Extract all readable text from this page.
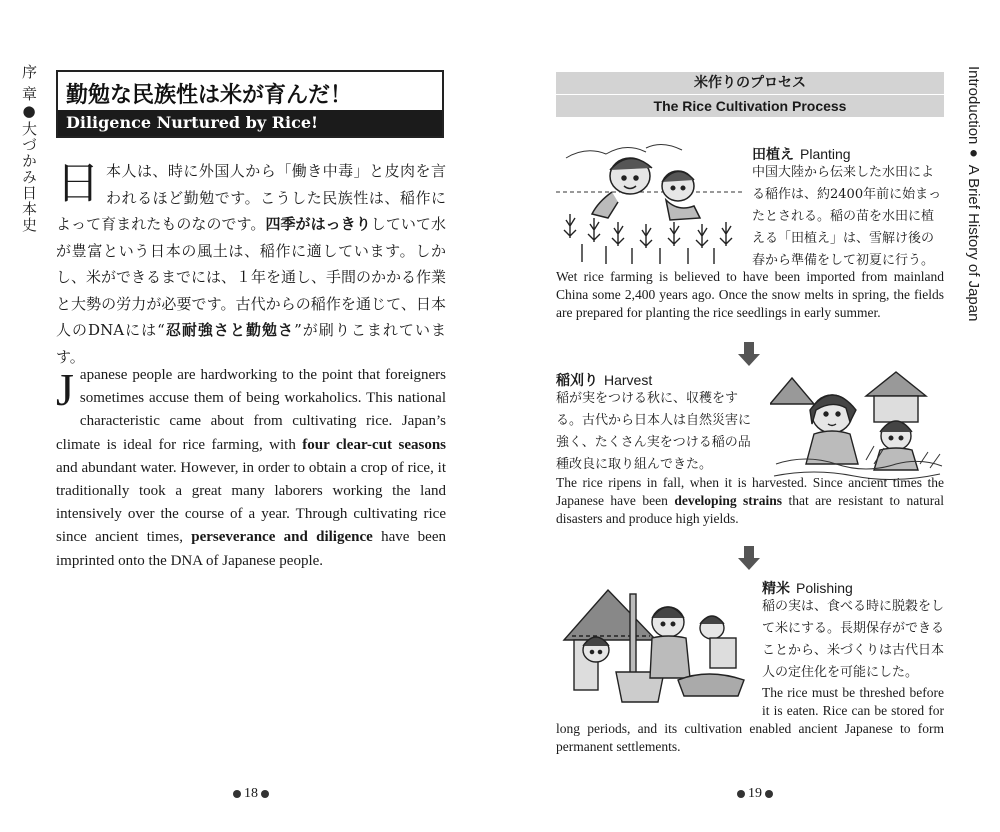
序 章●大づかみ日本史	Introduction● A Brief History of Japan
勤勉な民族性は米が育んだ！
Diligence Nurtured by Rice!
日本人は、時に外国人から「働き中毒」と皮肉を言われるほど勤勉です。こうした民族性は、稲作によって育まれたものなのです。四季がはっきりしていて水が豊富という日本の風土は、稲作に適しています。しかし、米ができるまでには、１年を通し、手間のかかる作業と大勢の労力が必要です。古代からの稲作を通じて、日本人のDNAには“忍耐強さと勤勉さ”が刷りこまれています。
Japanese people are hardworking to the point that foreigners sometimes accuse them of being workaholics. This national characteristic came about from cultivating rice. Japan’s climate is ideal for rice farming, with four clear-cut seasons and abundant water. However, in order to obtain a crop of rice, it traditionally took a great many laborers working the land intensively over the course of a year. Through cultivating rice since ancient times, perseverance and diligence have been imprinted onto the DNA of Japanese people.
18
米作りのプロセス
The Rice Cultivation Process
田植え Planting
中国大陸から伝来した水田による稲作は、約2400年前に始まったとされる。稲の苗を水田に植える「田植え」は、雪解け後の春から準備をして初夏に行う。
Wet rice farming is believed to have been imported from mainland China some 2,400 years ago. Once the snow melts in spring, the fields are prepared for planting the rice seedlings in early summer.
稲刈り Harvest
稲が実をつける秋に、収穫をする。古代から日本人は自然災害に強く、たくさん実をつける稲の品種改良に取り組んできた。
The rice ripens in fall, when it is harvested. Since ancient times the Japanese have been developing strains that are resistant to natural disasters and produce high yields.
精米 Polishing
稲の実は、食べる時に脱穀をして米にする。長期保存ができることから、米づくりは古代日本人の定住化を可能にした。
The rice must be threshed before it is eaten. Rice can be stored for long periods, and its cultivation enabled ancient Japanese to form permanent settlements.
19
